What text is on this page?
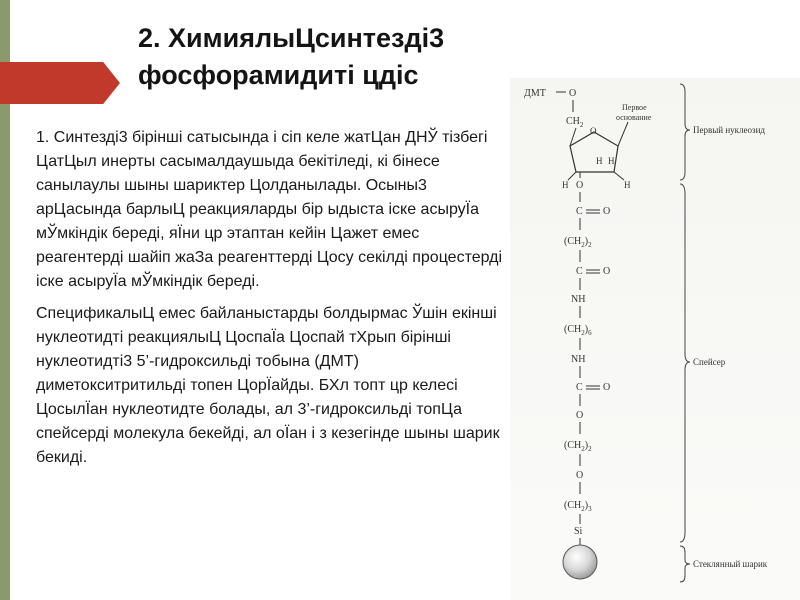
2. ХимиялыЦсинтезді3
фосфорамидиті цдіс

1. Синтезді3 бірінші сатысында і сіп келе жатЦан ДНЎ тізбегі ЦатЦыл инерты сасымалдаушыда бекітіледі, кі бінесе санылаулы шыны шариктер Цолданылады. Осыны3 арЦасында барлыЦ реакцияларды бір ыдыста іске асыруЇа мЎмкіндік береді, яЇни цр этаптан кейін Цажет емес реагентерді шайіп жаЗа реагенттерді Цосу секілді процестерді іске асыруЇа мЎмкіндік береді.

СпецификалыЦ емес байланыстарды болдырмас Ўшін екінші нуклеотидті реакциялыЦ ЦоспаЇа Цоспай тХрып бірінші нуклеотидті3 5’-гидроксильді тобына (ДМТ) диметокситритильді топен ЦорЇайды. БХл топт цр келесі ЦосылЇан нуклеотидте болады, ал 3’-гидроксильді топЦа спейсерді молекула бекейді, ал оЇан і з кезегінде шыны шарик бекиді.

ДМТ O
$CH_2$
O
Первое
основание
H H
H	H
O
C O
$(CH_2)_2$
C O
NH
$(CH_2)_6$
NH
C O
O
$(CH_2)_2$
O
$(CH_2)_3$
Si
Первый нуклеозид
Спейсер
Стеклянный шарик
